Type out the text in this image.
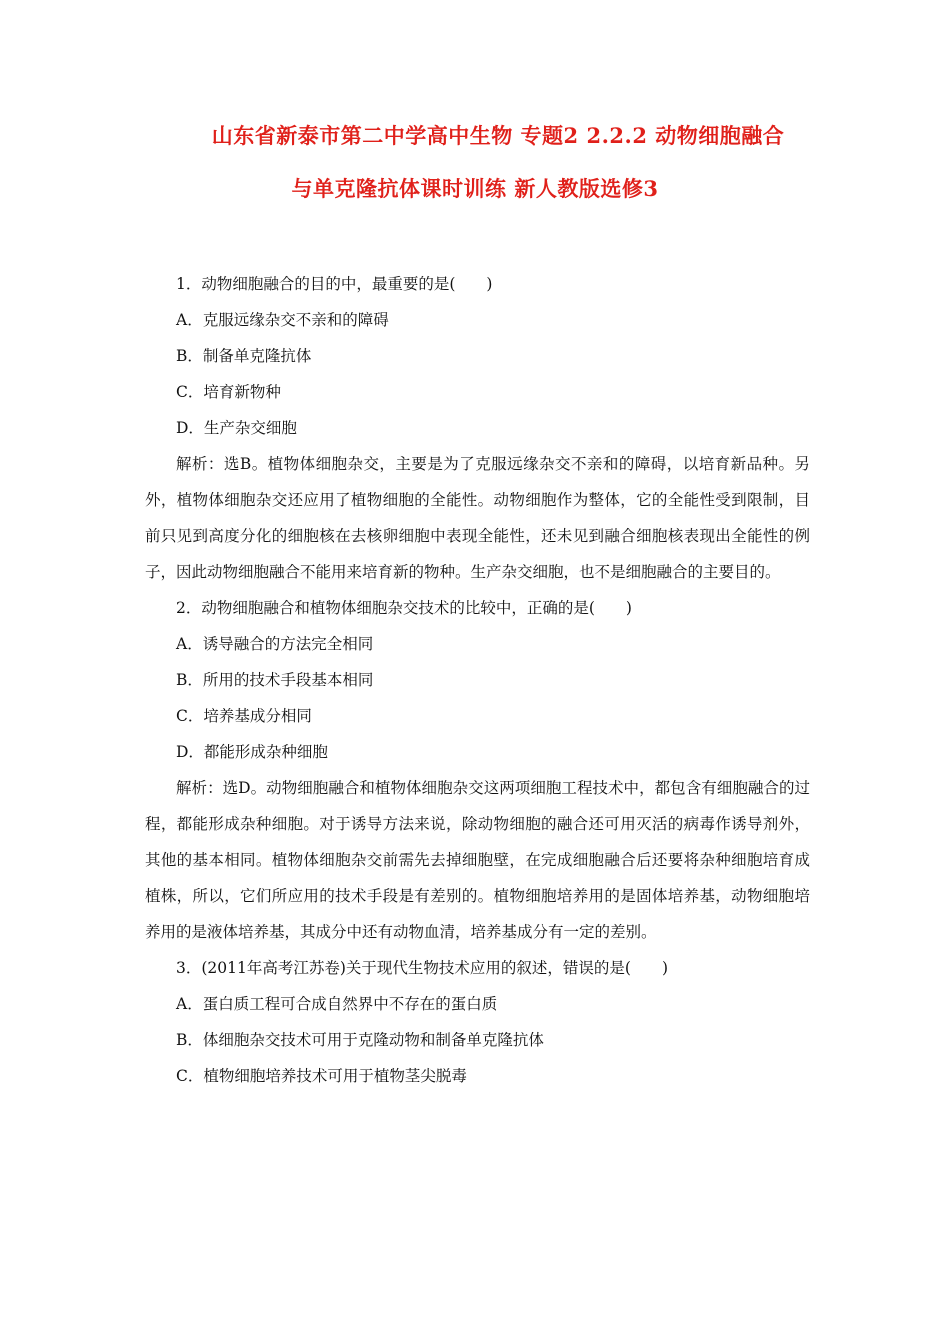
山东省新泰市第二中学高中生物 专题2 2.2.2 动物细胞融合
与单克隆抗体课时训练 新人教版选修3
1．动物细胞融合的目的中，最重要的是(　　)
A．克服远缘杂交不亲和的障碍
B．制备单克隆抗体
C．培育新物种
D．生产杂交细胞

解析：选B。植物体细胞杂交，主要是为了克服远缘杂交不亲和的障碍，以培育新品种。另外，植物体细胞杂交还应用了植物细胞的全能性。动物细胞作为整体，它的全能性受到限制，目前只见到高度分化的细胞核在去核卵细胞中表现全能性，还未见到融合细胞核表现出全能性的例子，因此动物细胞融合不能用来培育新的物种。生产杂交细胞，也不是细胞融合的主要目的。

2．动物细胞融合和植物体细胞杂交技术的比较中，正确的是(　　)
A．诱导融合的方法完全相同
B．所用的技术手段基本相同
C．培养基成分相同
D．都能形成杂种细胞

解析：选D。动物细胞融合和植物体细胞杂交这两项细胞工程技术中，都包含有细胞融合的过程，都能形成杂种细胞。对于诱导方法来说，除动物细胞的融合还可用灭活的病毒作诱导剂外，其他的基本相同。植物体细胞杂交前需先去掉细胞壁，在完成细胞融合后还要将杂种细胞培育成植株，所以，它们所应用的技术手段是有差别的。植物细胞培养用的是固体培养基，动物细胞培养用的是液体培养基，其成分中还有动物血清，培养基成分有一定的差别。

3．(2011年高考江苏卷)关于现代生物技术应用的叙述，错误的是(　　)
A．蛋白质工程可合成自然界中不存在的蛋白质
B．体细胞杂交技术可用于克隆动物和制备单克隆抗体
C．植物细胞培养技术可用于植物茎尖脱毒
